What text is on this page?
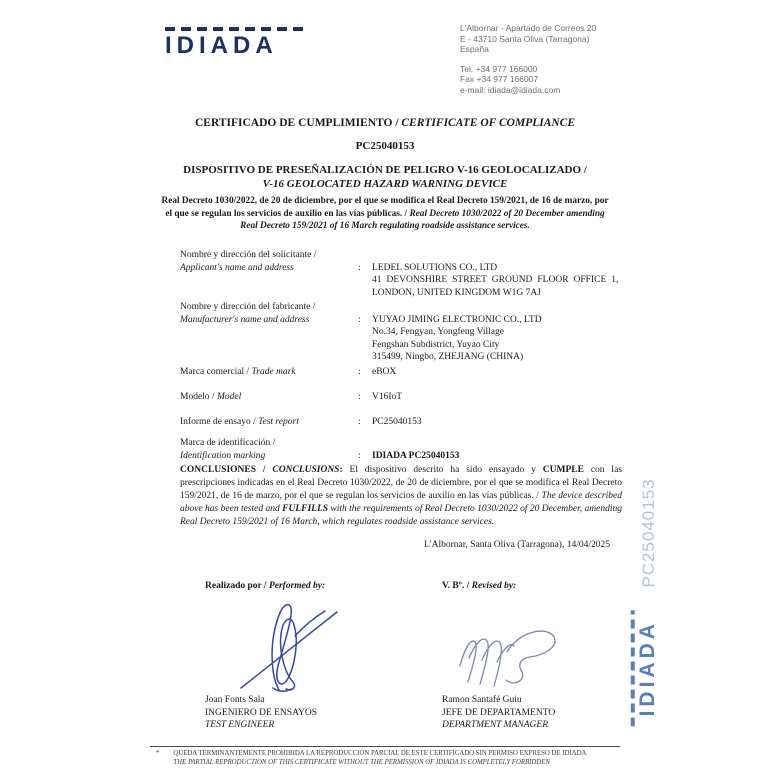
IDIADA
L'Albornar - Apartado de Correos 20
E - 43710 Santa Oliva (Tarragona)
España
Tel. +34 977 166000
Fax +34 977 166007
e-mail: idiada@idiada.com
CERTIFICADO DE CUMPLIMIENTO / CERTIFICATE OF COMPLIANCE
PC25040153
DISPOSITIVO DE PRESEÑALIZACIÓN DE PELIGRO V-16 GEOLOCALIZADO /
V-16 GEOLOCATED HAZARD WARNING DEVICE
Real Decreto 1030/2022, de 20 de diciembre, por el que se modifica el Real Decreto 159/2021, de 16 de marzo, por el que se regulan los servicios de auxilio en las vías públicas. / Real Decreto 1030/2022 of 20 December amending Real Decreto 159/2021 of 16 March regulating roadside assistance services.
Nombre y dirección del solicitante /
Applicant's name and address	:	LEDEL SOLUTIONS CO., LTD
41 DEVONSHIRE STREET GROUND FLOOR OFFICE 1,
LONDON, UNITED KINGDOM W1G 7AJ
Nombre y dirección del fabricante /
Manufacturer's name and address	:	YUYAO JIMING ELECTRONIC CO., LTD
No.34, Fengyan, Yongfeng Village
Fengshan Subdistrict, Yuyao City
315499, Ningbo, ZHEJIANG (CHINA)
Marca comercial / Trade mark	:	eBOX
Modelo / Model	:	V16IoT
Informe de ensayo / Test report	:	PC25040153
Marca de identificación /
Identification marking	:	IDIADA PC25040153
CONCLUSIONES / CONCLUSIONS: El dispositivo descrito ha sido ensayado y CUMPLE con las prescripciones indicadas en el Real Decreto 1030/2022, de 20 de diciembre, por el que se modifica el Real Decreto 159/2021, de 16 de marzo, por el que se regulan los servicios de auxilio en las vías públicas. / The device described above has been tested and FULFILLS with the requirements of Real Decreto 1030/2022 of 20 December, amending Real Decreto 159/2021 of 16 March, which regulates roadside assistance services.
L'Albornar, Santa Oliva (Tarragona), 14/04/2025
Realizado por / Performed by:	V. Bº. / Revised by:
Joan Fonts Sala
INGENIERO DE ENSAYOS
TEST ENGINEER
Ramon Santafé Guiu
JEFE DE DEPARTAMENTO
DEPARTMENT MANAGER
* QUEDA TERMINANTEMENTE PROHIBIDA LA REPRODUCCIÓN PARCIAL DE ESTE CERTIFICADO SIN PERMISO EXPRESO DE IDIADA
THE PARTIAL REPRODUCTION OF THIS CERTIFICATE WITHOUT THE PERMISSION OF IDIADA IS COMPLETELY FORBIDDEN
PC25040153
IDIADA
